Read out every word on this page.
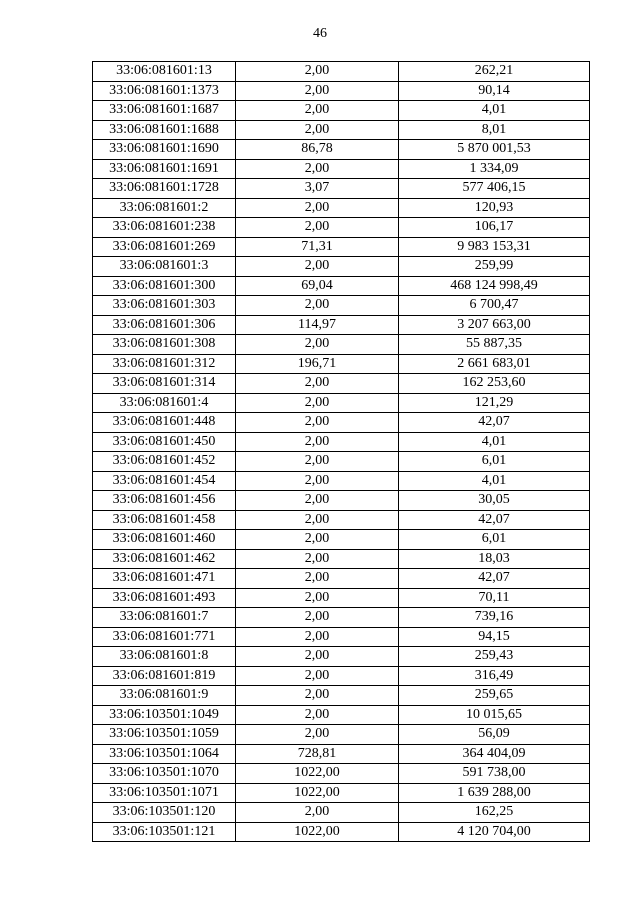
46
33:06:081601:13	2,00	262,21
33:06:081601:1373	2,00	90,14
33:06:081601:1687	2,00	4,01
33:06:081601:1688	2,00	8,01
33:06:081601:1690	86,78	5 870 001,53
33:06:081601:1691	2,00	1 334,09
33:06:081601:1728	3,07	577 406,15
33:06:081601:2	2,00	120,93
33:06:081601:238	2,00	106,17
33:06:081601:269	71,31	9 983 153,31
33:06:081601:3	2,00	259,99
33:06:081601:300	69,04	468 124 998,49
33:06:081601:303	2,00	6 700,47
33:06:081601:306	114,97	3 207 663,00
33:06:081601:308	2,00	55 887,35
33:06:081601:312	196,71	2 661 683,01
33:06:081601:314	2,00	162 253,60
33:06:081601:4	2,00	121,29
33:06:081601:448	2,00	42,07
33:06:081601:450	2,00	4,01
33:06:081601:452	2,00	6,01
33:06:081601:454	2,00	4,01
33:06:081601:456	2,00	30,05
33:06:081601:458	2,00	42,07
33:06:081601:460	2,00	6,01
33:06:081601:462	2,00	18,03
33:06:081601:471	2,00	42,07
33:06:081601:493	2,00	70,11
33:06:081601:7	2,00	739,16
33:06:081601:771	2,00	94,15
33:06:081601:8	2,00	259,43
33:06:081601:819	2,00	316,49
33:06:081601:9	2,00	259,65
33:06:103501:1049	2,00	10 015,65
33:06:103501:1059	2,00	56,09
33:06:103501:1064	728,81	364 404,09
33:06:103501:1070	1022,00	591 738,00
33:06:103501:1071	1022,00	1 639 288,00
33:06:103501:120	2,00	162,25
33:06:103501:121	1022,00	4 120 704,00
